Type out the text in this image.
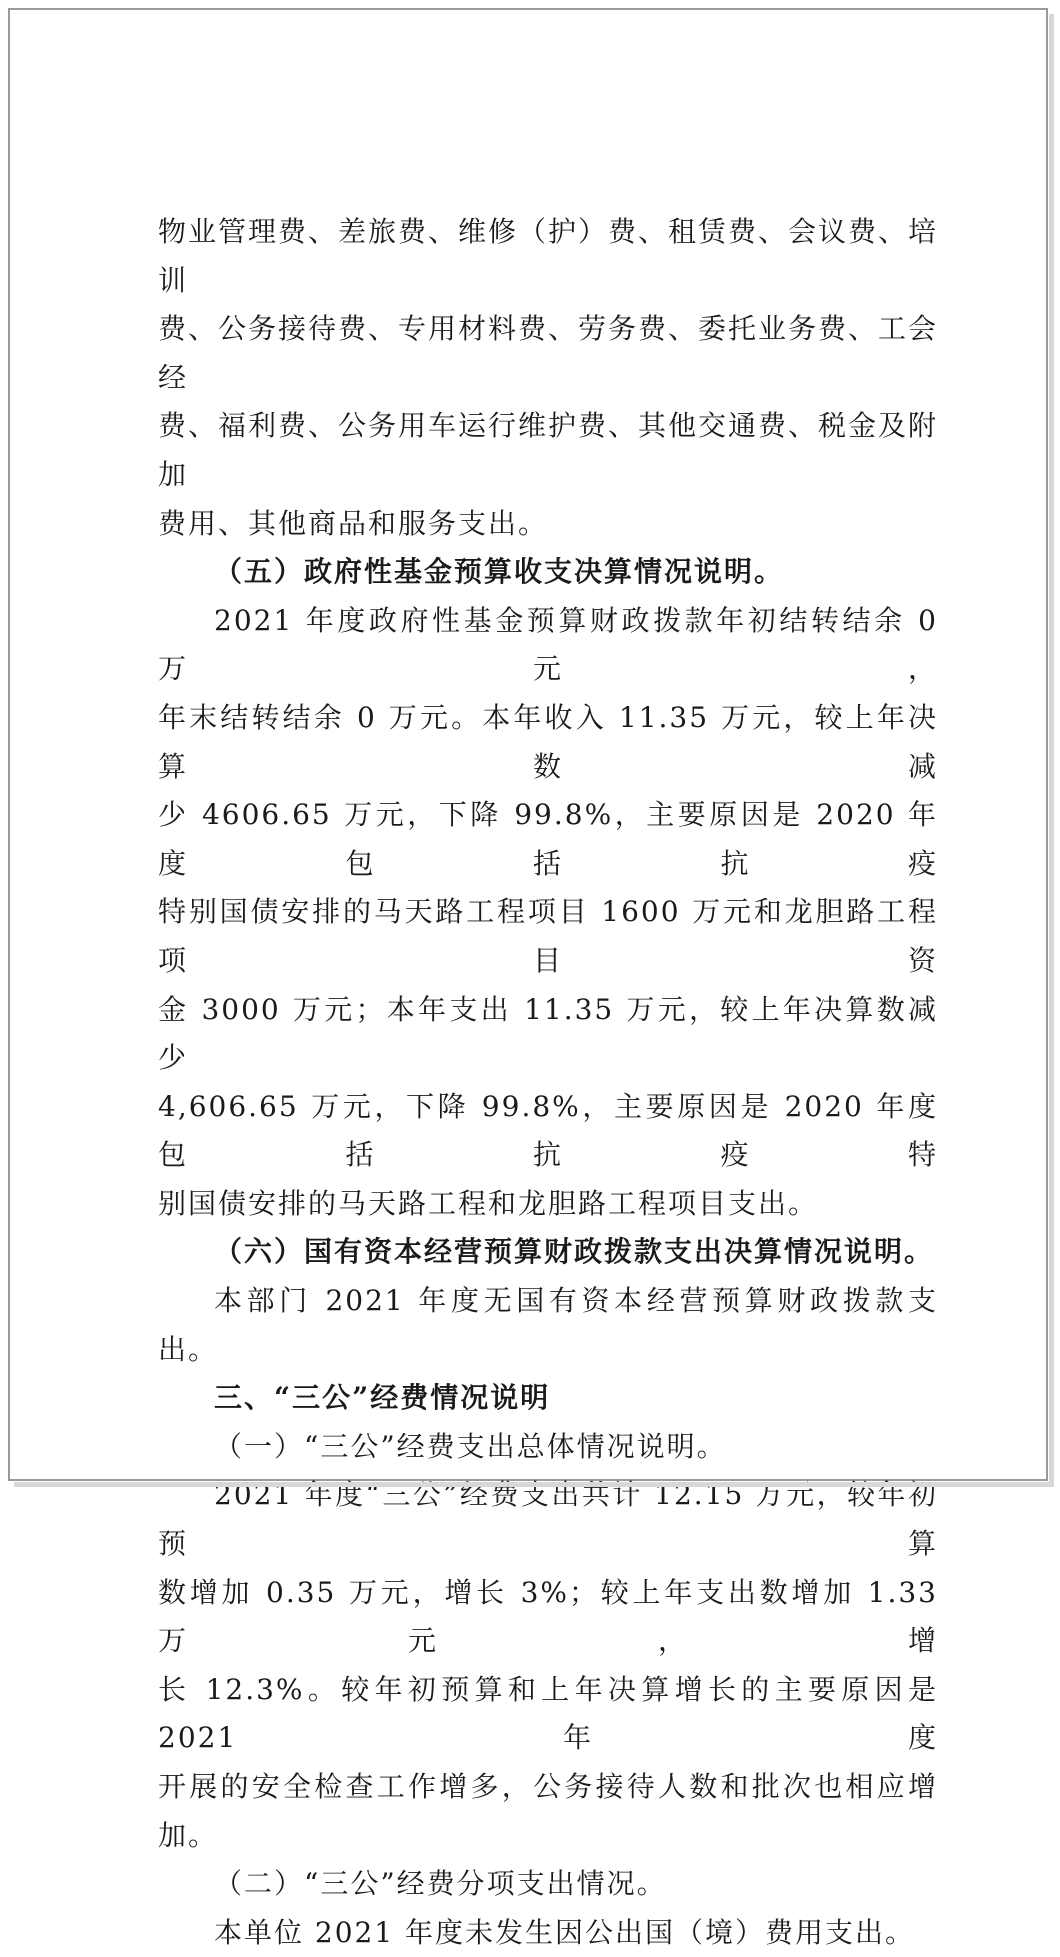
物业管理费、差旅费、维修（护）费、租赁费、会议费、培训

费、公务接待费、专用材料费、劳务费、委托业务费、工会经

费、福利费、公务用车运行维护费、其他交通费、税金及附加

费用、其他商品和服务支出。

（五）政府性基金预算收支决算情况说明。

2021 年度政府性基金预算财政拨款年初结转结余 0 万元，

年末结转结余 0 万元。本年收入 11.35 万元，较上年决算数减

少 4606.65 万元，下降 99.8%，主要原因是 2020 年度包括抗疫

特别国债安排的马天路工程项目 1600 万元和龙胆路工程项目资

金 3000 万元；本年支出 11.35 万元，较上年决算数减少

4,606.65 万元，下降 99.8%，主要原因是 2020 年度包括抗疫特

别国债安排的马天路工程和龙胆路工程项目支出。

（六）国有资本经营预算财政拨款支出决算情况说明。

本部门 2021 年度无国有资本经营预算财政拨款支出。

三、“三公”经费情况说明

（一）“三公”经费支出总体情况说明。

2021 年度“三公”经费支出共计 12.15 万元，较年初预算

数增加 0.35 万元，增长 3%；较上年支出数增加 1.33 万元，增

长 12.3%。较年初预算和上年决算增长的主要原因是 2021 年度

开展的安全检查工作增多，公务接待人数和批次也相应增加。

（二）“三公”经费分项支出情况。

本单位 2021 年度未发生因公出国（境）费用支出。
